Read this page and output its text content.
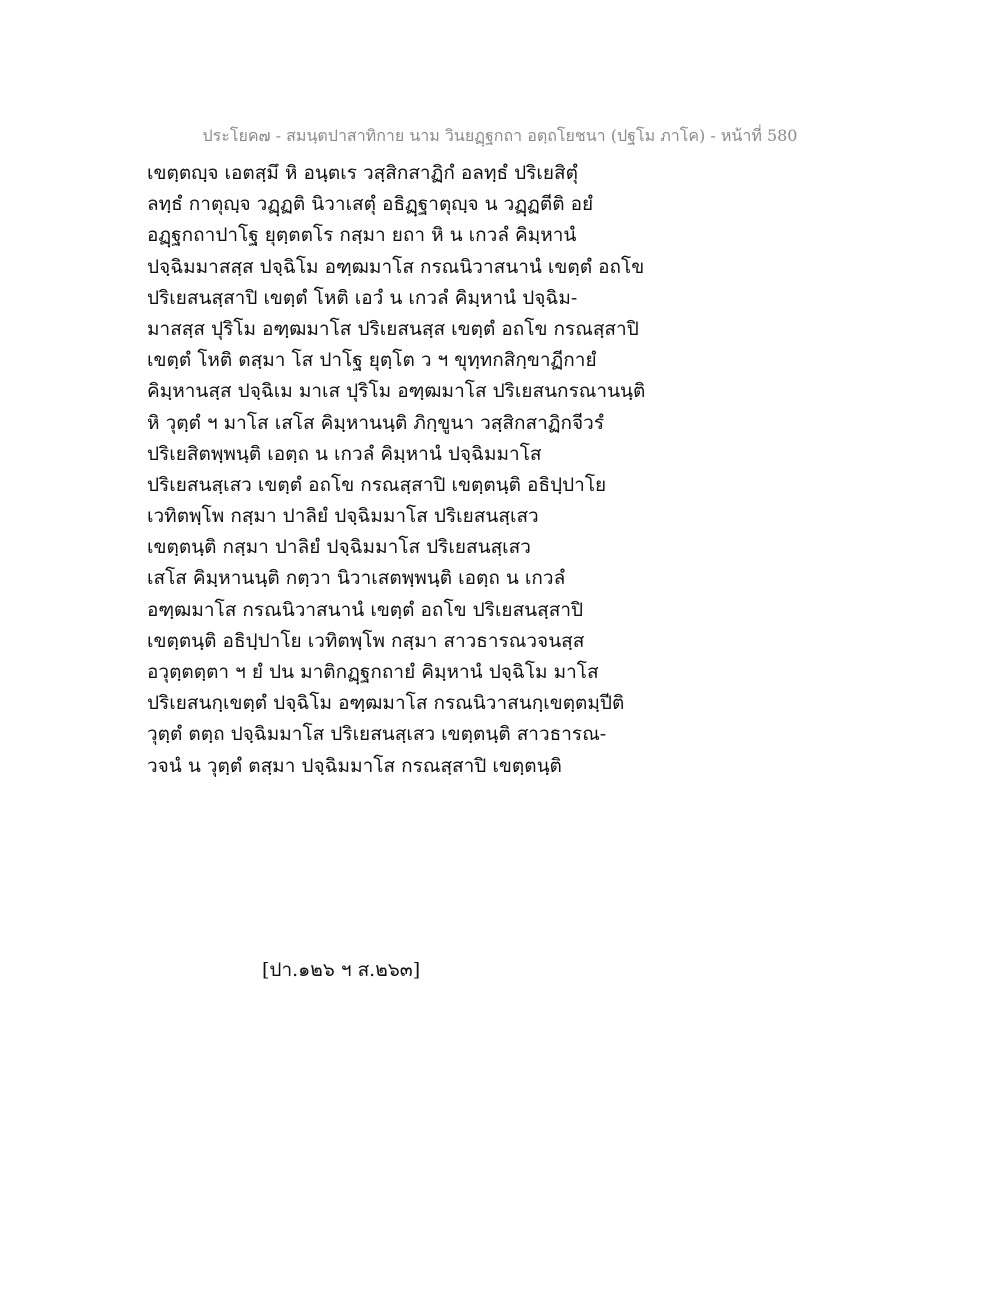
ประโยค๗ - สมนฺตปาสาทิกาย นาม วินยฏฺฐกถา อตฺถโยชนา (ปฐโม ภาโค) - หน้าที่ 580
เขตฺตญฺจ เอตสฺมึ หิ อนฺตเร วสฺสิกสาฏิกํ อลทฺธํ ปริเยสิตุํ
ลทฺธํ กาตุญฺจ วฏฺฏติ นิวาเสตุํ อธิฏฺฐาตุญฺจ น วฏฺฏตีติ อยํ
อฏฺฐกถาปาโฐ ยุตฺตตโร กสฺมา ยถา หิ น เกวลํ คิมฺหานํ
ปจฺฉิมมาสสฺส ปจฺฉิโม อฑฺฒมาโส กรณนิวาสนานํ เขตฺตํ อถโข
ปริเยสนสฺสาปิ เขตฺตํ โหติ เอวํ น เกวลํ คิมฺหานํ ปจฺฉิม-
มาสสฺส ปุริโม อฑฺฒมาโส ปริเยสนสฺส เขตฺตํ อถโข กรณสฺสาปิ
เขตฺตํ โหติ ตสฺมา โส ปาโฐ ยุตฺโต ว ฯ ขุทฺทกสิกฺขาฏีกายํ
คิมฺหานสฺส ปจฺฉิเม มาเส ปุริโม อฑฺฒมาโส ปริเยสนกรณานนฺติ
หิ วุตฺตํ ฯ มาโส เสโส คิมฺหานนฺติ ภิกฺขูนา วสฺสิกสาฏิกจีวรํ
ปริเยสิตพฺพนฺติ เอตฺถ น เกวลํ คิมฺหานํ ปจฺฉิมมาโส
ปริเยสนสฺเสว เขตฺตํ อถโข กรณสฺสาปิ เขตฺตนฺติ อธิปฺปาโย
เวทิตพฺโพ กสฺมา ปาลิยํ ปจฺฉิมมาโส ปริเยสนสฺเสว
เขตฺตนฺติ กสฺมา ปาลิยํ ปจฺฉิมมาโส ปริเยสนสฺเสว
เสโส คิมฺหานนฺติ กตฺวา นิวาเสตพฺพนฺติ เอตฺถ น เกวลํ
อฑฺฒมาโส กรณนิวาสนานํ เขตฺตํ อถโข ปริเยสนสฺสาปิ
เขตฺตนฺติ อธิปฺปาโย เวทิตพฺโพ กสฺมา สาวธารณวจนสฺส
อวุตฺตตฺตา ฯ ยํ ปน มาติกฏฺฐกถายํ คิมฺหานํ ปจฺฉิโม มาโส
ปริเยสนกฺเขตฺตํ ปจฺฉิโม อฑฺฒมาโส กรณนิวาสนกฺเขตฺตมฺปีติ
วุตฺตํ ตตฺถ ปจฺฉิมมาโส ปริเยสนสฺเสว เขตฺตนฺติ สาวธารณ-
วจนํ น วุตฺตํ ตสฺมา ปจฺฉิมมาโส กรณสฺสาปิ เขตฺตนฺติ
[ปา.๑๒๖ ฯ ส.๒๖๓]
